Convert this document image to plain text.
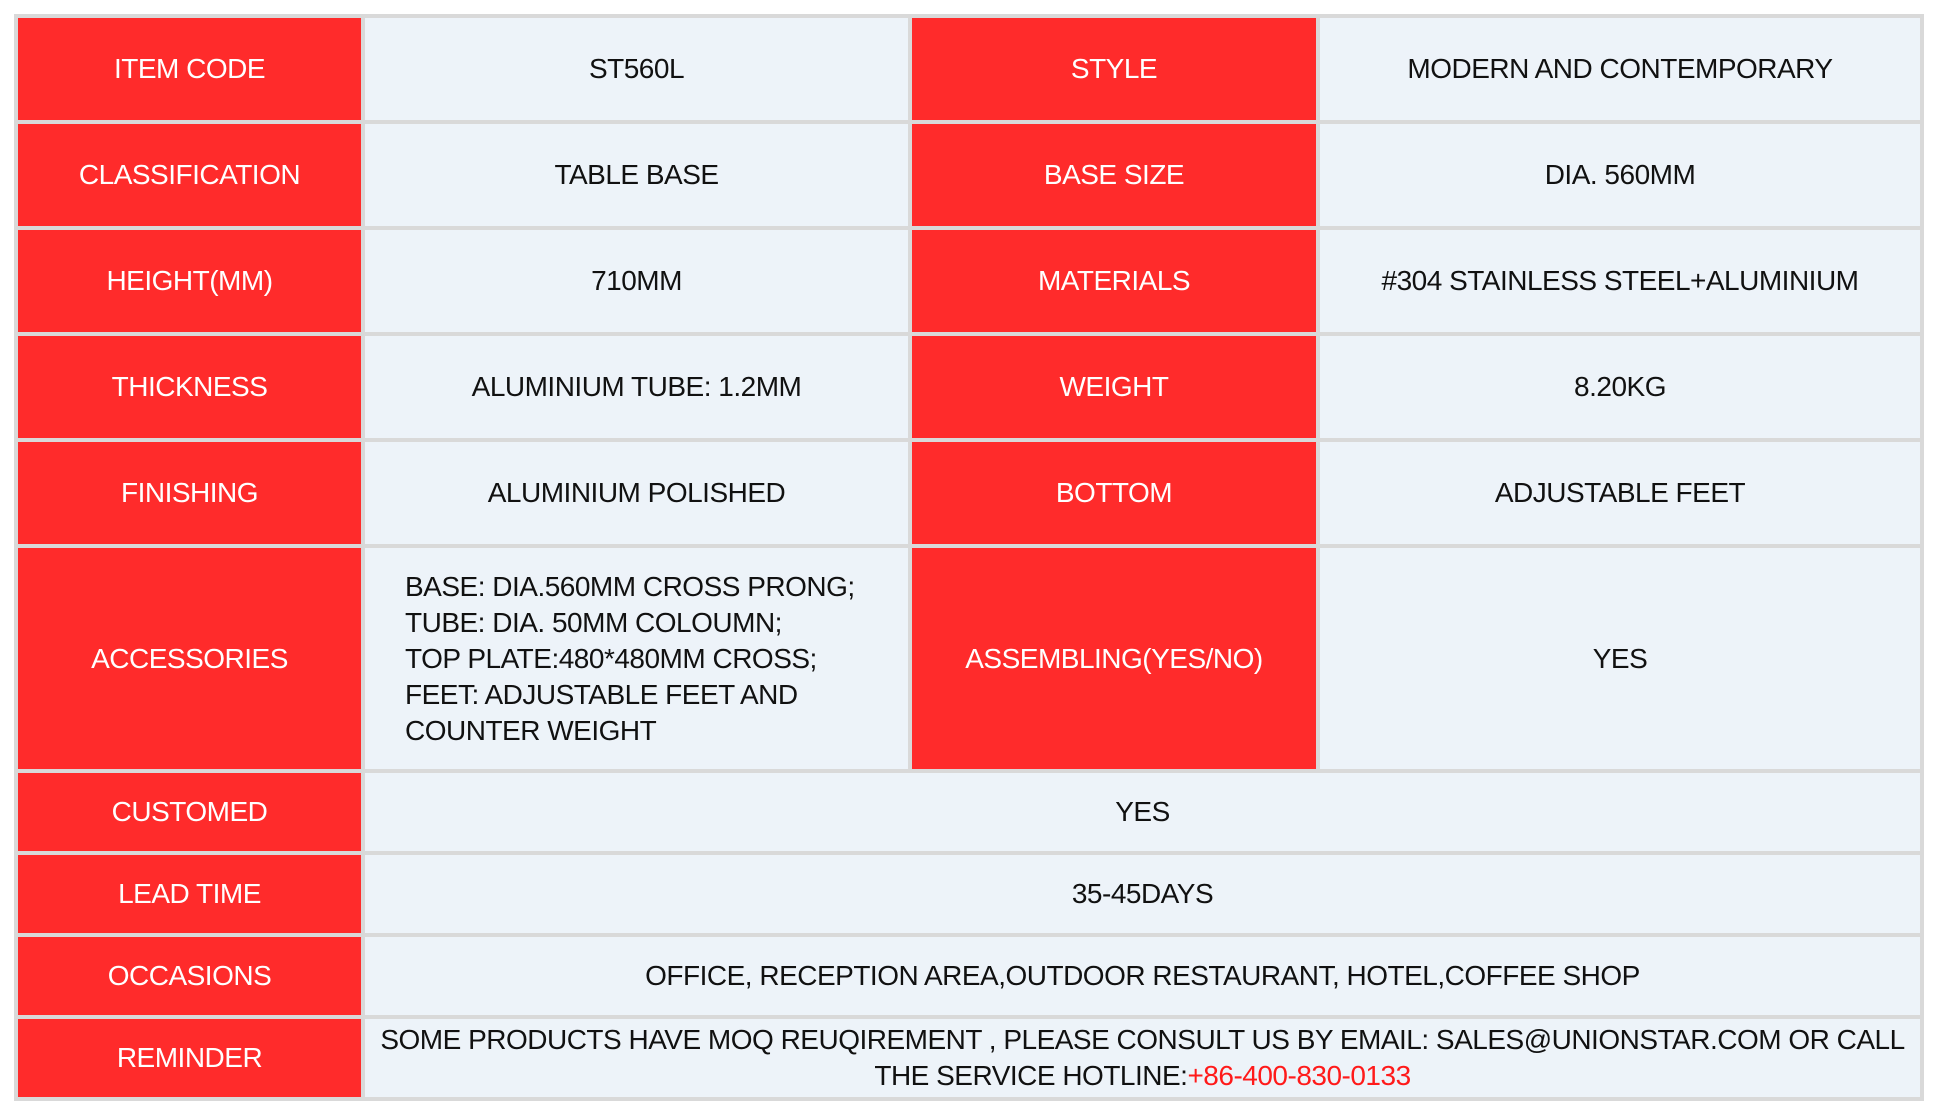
ITEM CODE	ST560L	STYLE	MODERN AND CONTEMPORARY
CLASSIFICATION	TABLE BASE	BASE SIZE	DIA. 560MM
HEIGHT(MM)	710MM	MATERIALS	#304 STAINLESS STEEL+ALUMINIUM
THICKNESS	ALUMINIUM TUBE: 1.2MM	WEIGHT	8.20KG
FINISHING	ALUMINIUM POLISHED	BOTTOM	ADJUSTABLE FEET
ACCESSORIES	BASE: DIA.560MM CROSS PRONG;
TUBE: DIA. 50MM COLOUMN;
TOP PLATE:480*480MM CROSS;
FEET: ADJUSTABLE FEET AND
COUNTER WEIGHT	ASSEMBLING(YES/NO)	YES
CUSTOMED	YES		
LEAD TIME	35-45DAYS		
OCCASIONS	OFFICE, RECEPTION AREA,OUTDOOR RESTAURANT, HOTEL,COFFEE SHOP		
REMINDER	SOME PRODUCTS HAVE MOQ REUQIREMENT , PLEASE CONSULT US BY EMAIL: SALES@UNIONSTAR.COM OR CALL
THE SERVICE HOTLINE:+86-400-830-0133		
